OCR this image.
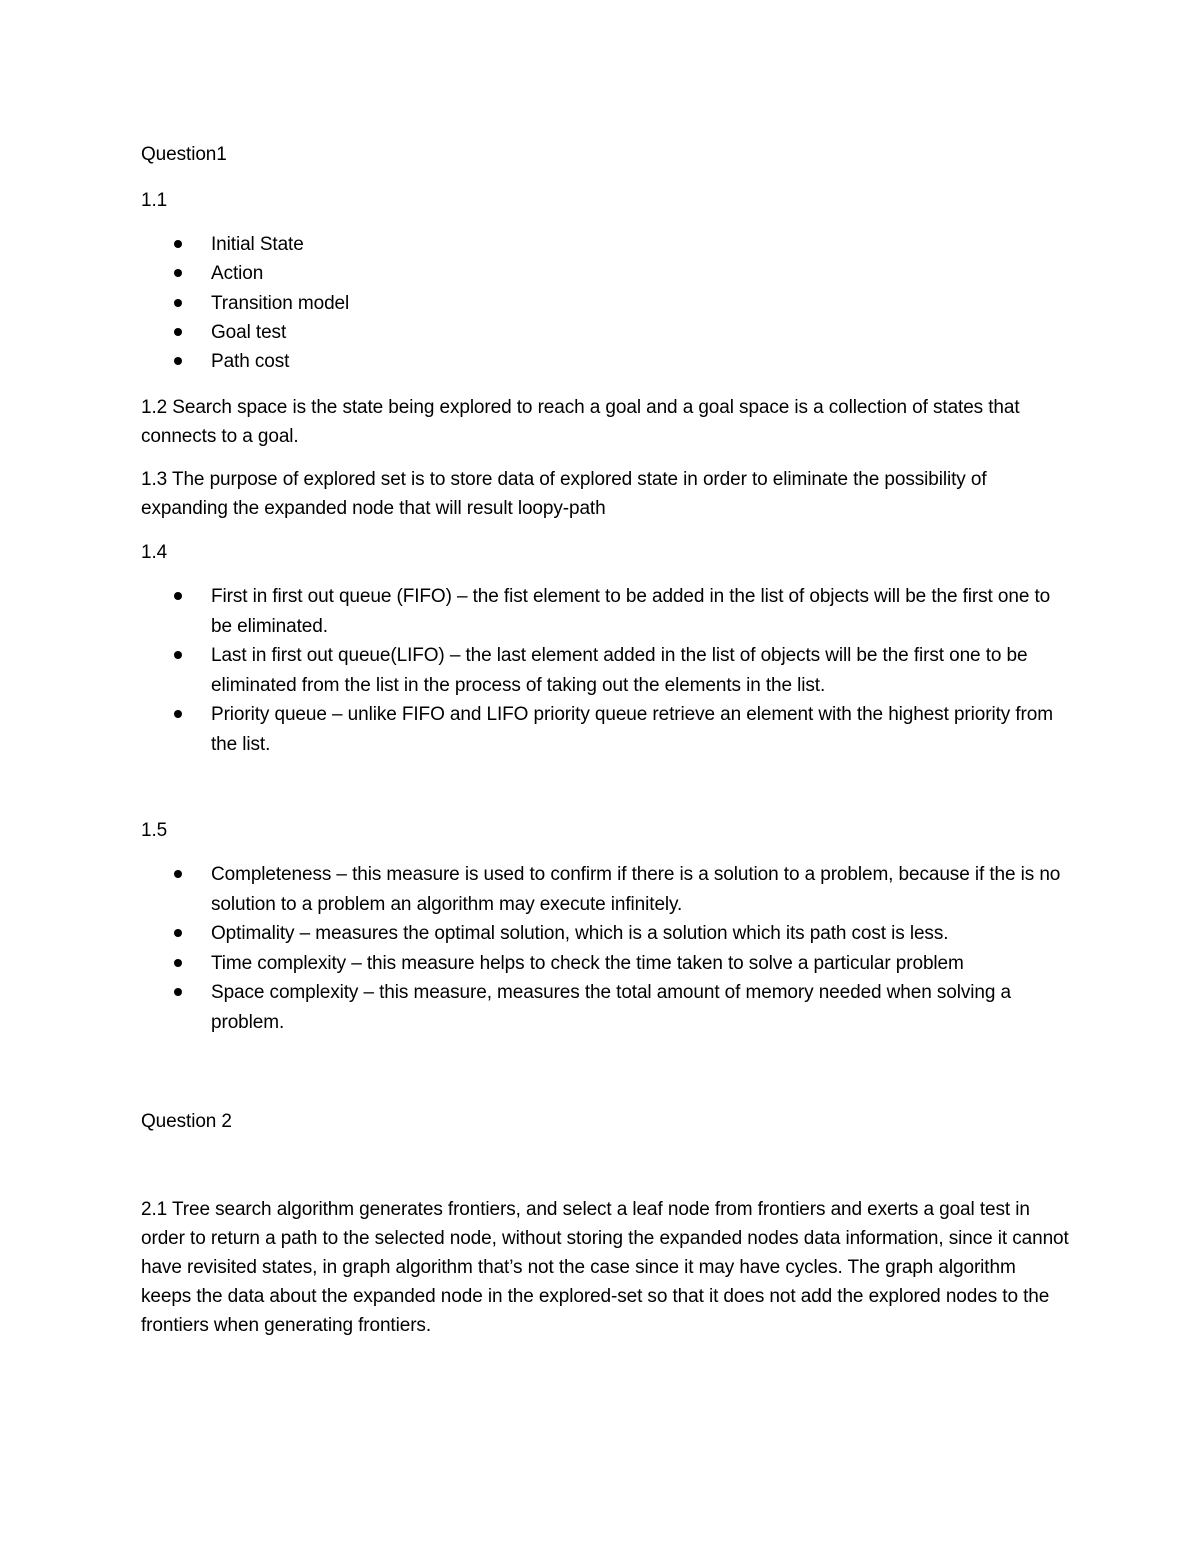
Question1

1.1

Initial State
Action
Transition model
Goal test
Path cost

1.2 Search space is the state being explored to reach a goal and a goal space is a collection of states that connects to a goal.

1.3 The purpose of explored set is to store data of explored state in order to eliminate the possibility of expanding the expanded node that will result loopy-path

1.4

First in first out queue (FIFO) – the fist element to be added in the list of objects will be the first one to be eliminated.
Last in first out queue(LIFO) – the last element added in the list of objects will be the first one to be eliminated from the list in the process of taking out the elements in the list.
Priority queue – unlike FIFO and LIFO priority queue retrieve an element with the highest priority from the list.

1.5

Completeness – this measure is used to confirm if there is a solution to a problem, because if the is no solution to a problem an algorithm may execute infinitely.
Optimality – measures the optimal solution, which is a solution which its path cost is less.
Time complexity – this measure helps to check the time taken to solve a particular problem
Space complexity – this measure, measures the total amount of memory needed when solving a problem.

Question 2

2.1 Tree search algorithm generates frontiers, and select a leaf node from frontiers and exerts a goal test in order to return a path to the selected node, without storing the expanded nodes data information, since it cannot have revisited states, in graph algorithm that’s not the case since it may have cycles. The graph algorithm keeps the data about the expanded node in the explored-set so that it does not add the explored nodes to the frontiers when generating frontiers.
